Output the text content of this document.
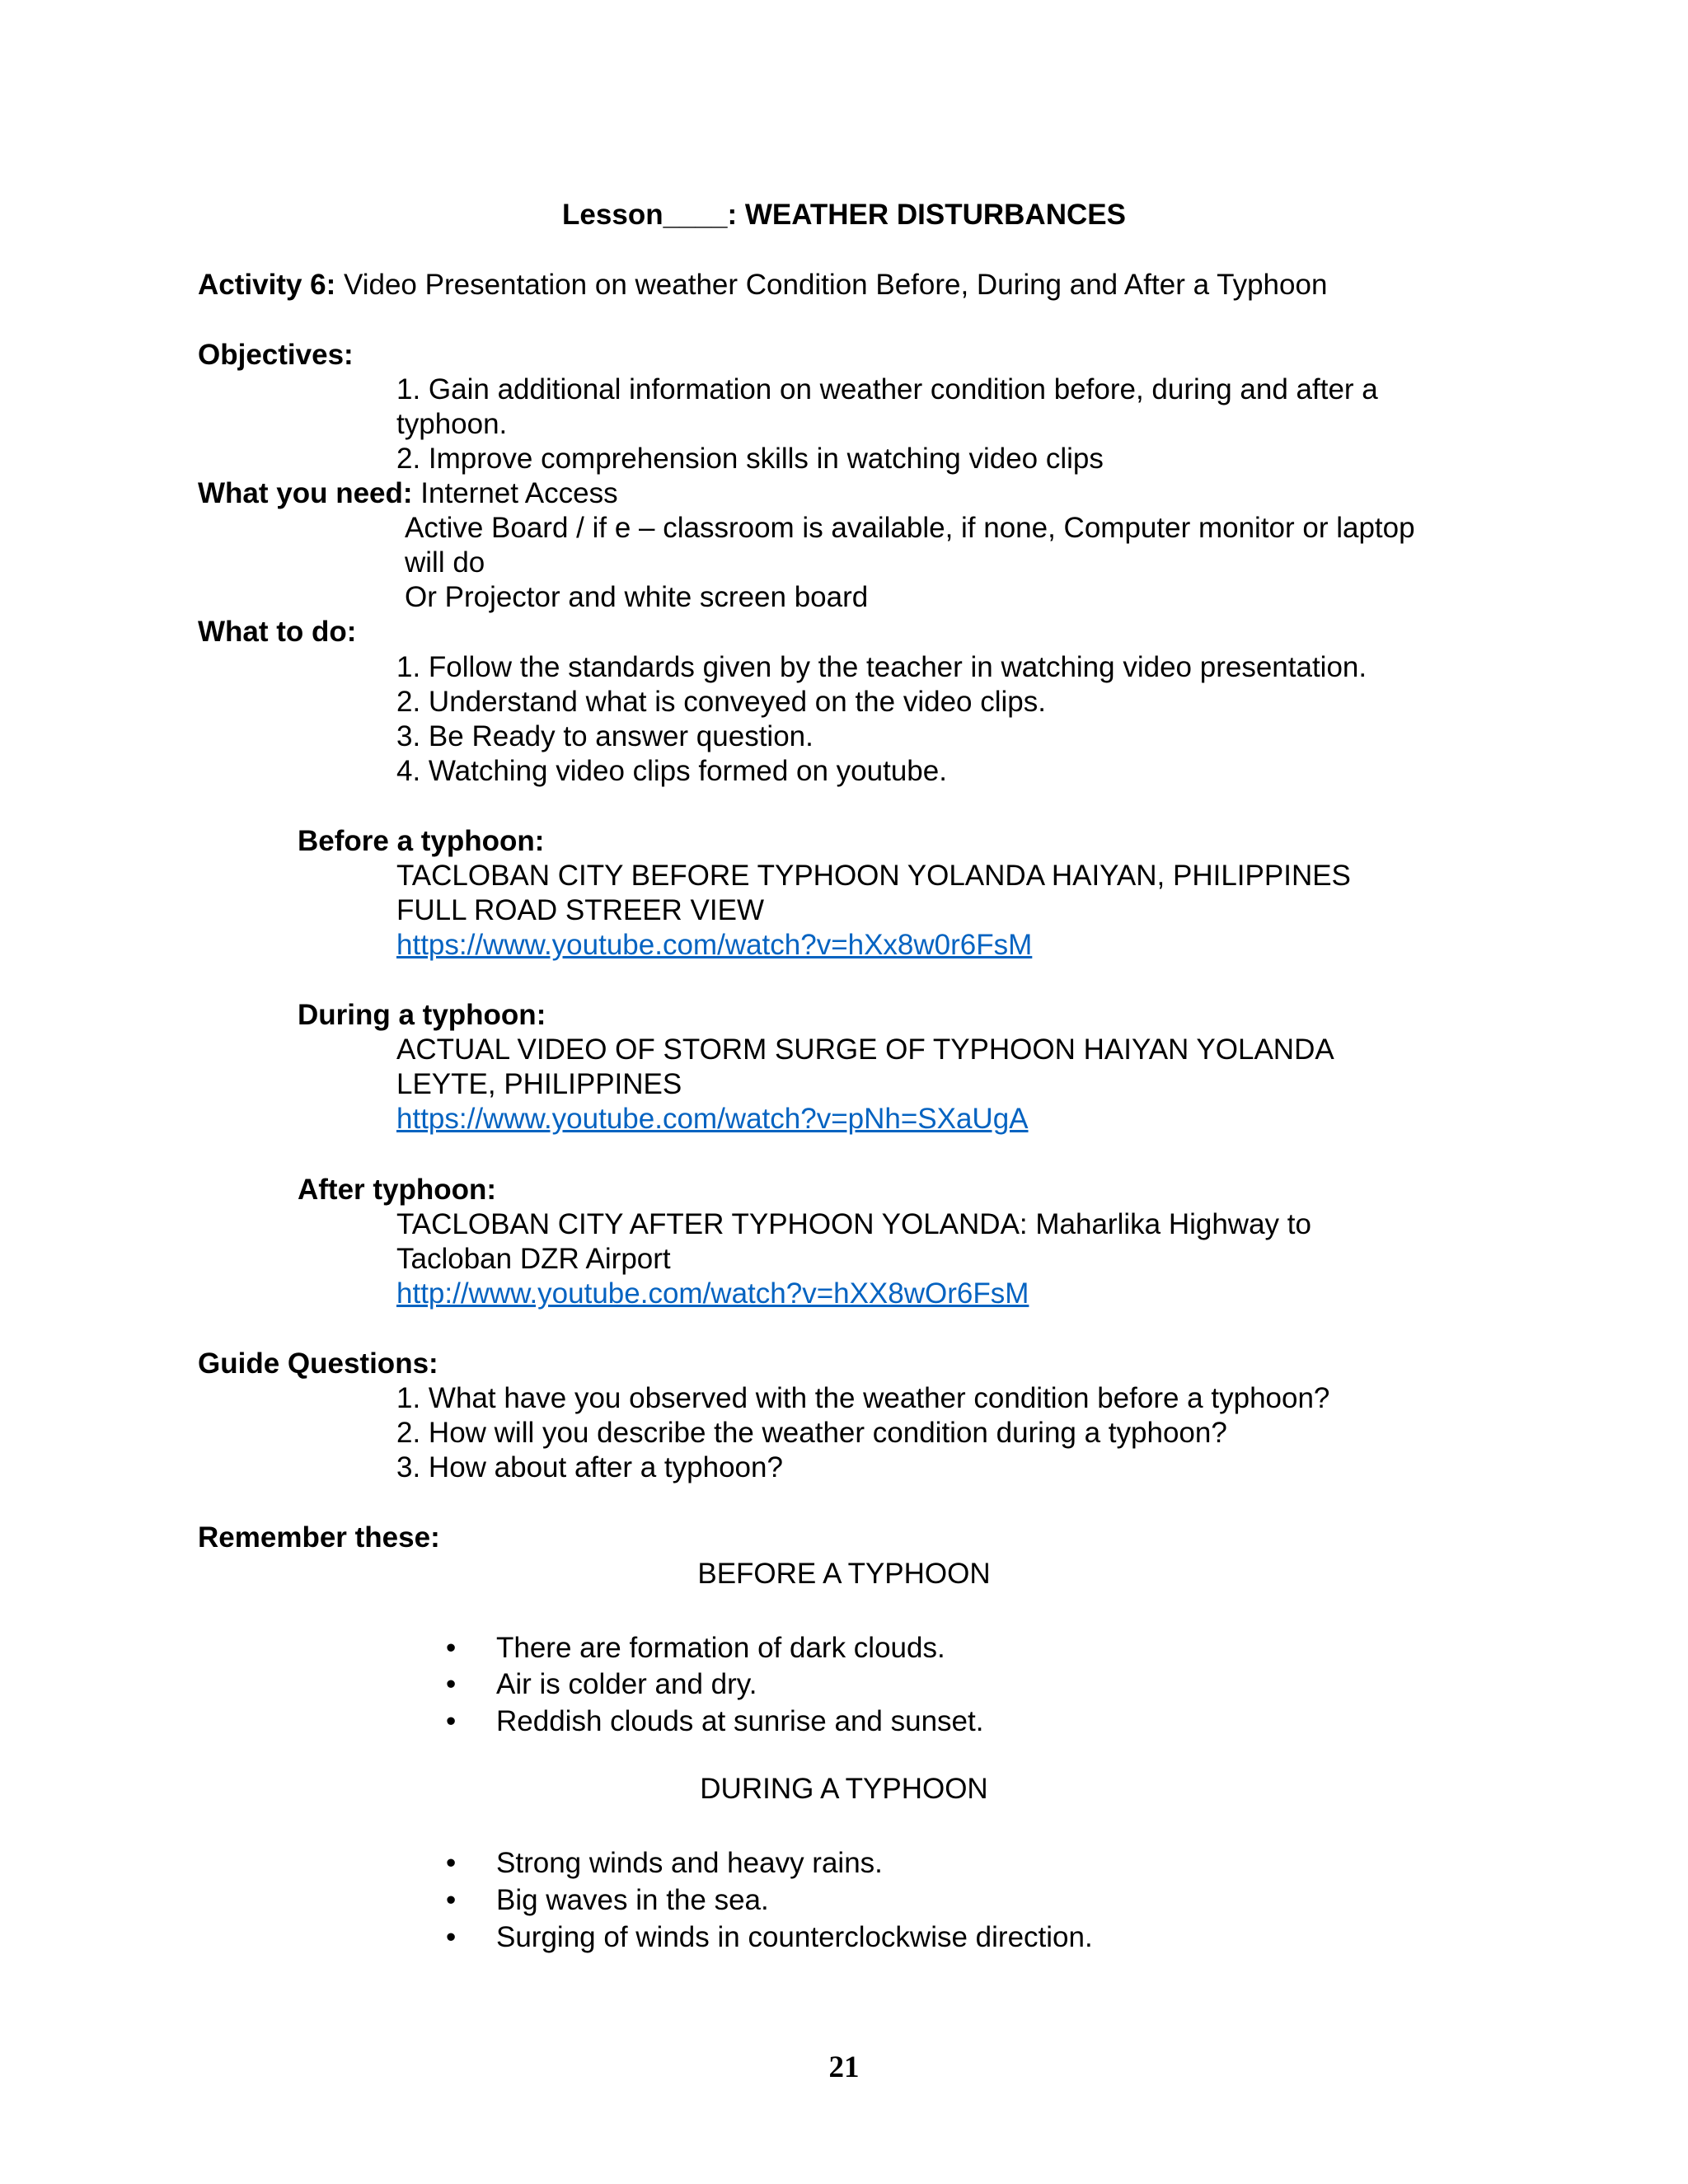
Lesson____: WEATHER DISTURBANCES
Activity 6: Video Presentation on weather Condition Before, During and After a Typhoon
Objectives:
1. Gain additional information on weather condition before, during and after a
typhoon.
2. Improve comprehension skills in watching video clips
What you need: Internet Access
Active Board / if e – classroom is available, if none, Computer monitor or laptop
will do
Or Projector and white screen board
What to do:
1. Follow the standards given by the teacher in watching video presentation.
2. Understand what is conveyed on the video clips.
3. Be Ready to answer question.
4. Watching video clips formed on youtube.
Before a typhoon:
TACLOBAN CITY BEFORE TYPHOON YOLANDA HAIYAN, PHILIPPINES
FULL ROAD STREER VIEW
https://www.youtube.com/watch?v=hXx8w0r6FsM
During a typhoon:
ACTUAL VIDEO OF STORM SURGE OF TYPHOON HAIYAN YOLANDA
LEYTE, PHILIPPINES
https://www.youtube.com/watch?v=pNh=SXaUgA
After typhoon:
TACLOBAN CITY AFTER TYPHOON YOLANDA: Maharlika Highway to
Tacloban DZR Airport
http://www.youtube.com/watch?v=hXX8wOr6FsM
Guide Questions:
1. What have you observed with the weather condition before a typhoon?
2. How will you describe the weather condition during a typhoon?
3. How about after a typhoon?
Remember these:
BEFORE A TYPHOON
• There are formation of dark clouds.
• Air is colder and dry.
• Reddish clouds at sunrise and sunset.
DURING A TYPHOON
• Strong winds and heavy rains.
• Big waves in the sea.
• Surging of winds in counterclockwise direction.
21
